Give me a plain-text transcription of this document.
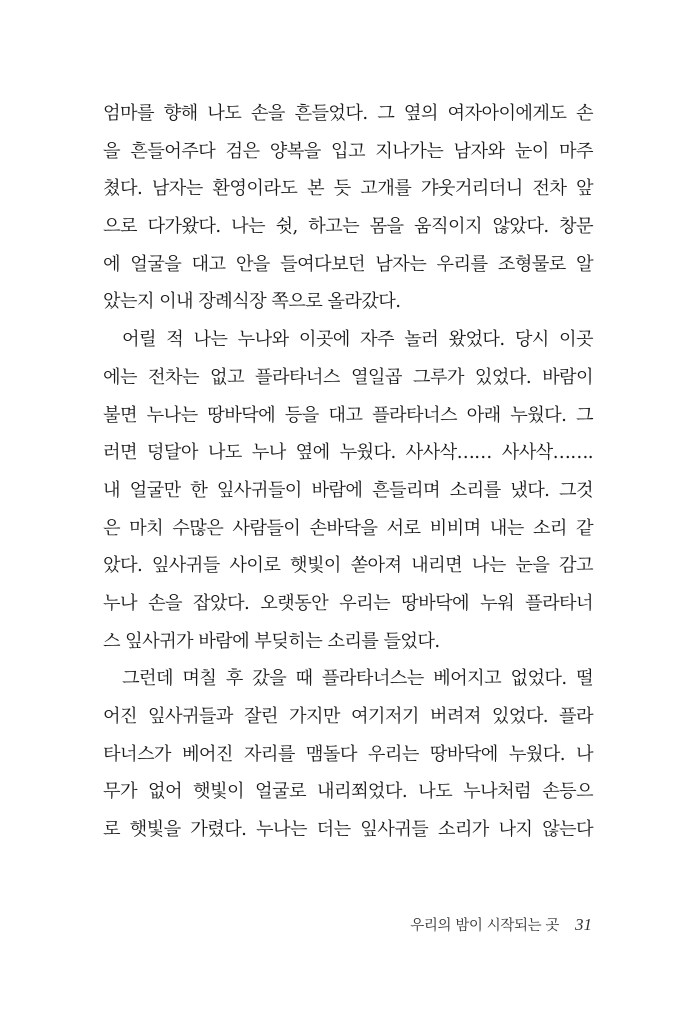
엄마를 향해 나도 손을 흔들었다. 그 옆의 여자아이에게도 손
을 흔들어주다 검은 양복을 입고 지나가는 남자와 눈이 마주
쳤다. 남자는 환영이라도 본 듯 고개를 갸웃거리더니 전차 앞
으로 다가왔다. 나는 쉿, 하고는 몸을 움직이지 않았다. 창문
에 얼굴을 대고 안을 들여다보던 남자는 우리를 조형물로 알
았는지 이내 장례식장 쪽으로 올라갔다.
어릴 적 나는 누나와 이곳에 자주 놀러 왔었다. 당시 이곳
에는 전차는 없고 플라타너스 열일곱 그루가 있었다. 바람이
불면 누나는 땅바닥에 등을 대고 플라타너스 아래 누웠다. 그
러면 덩달아 나도 누나 옆에 누웠다. 사사삭…… 사사삭…….
내 얼굴만 한 잎사귀들이 바람에 흔들리며 소리를 냈다. 그것
은 마치 수많은 사람들이 손바닥을 서로 비비며 내는 소리 같
았다. 잎사귀들 사이로 햇빛이 쏟아져 내리면 나는 눈을 감고
누나 손을 잡았다. 오랫동안 우리는 땅바닥에 누워 플라타너
스 잎사귀가 바람에 부딪히는 소리를 들었다.
그런데 며칠 후 갔을 때 플라타너스는 베어지고 없었다. 떨
어진 잎사귀들과 잘린 가지만 여기저기 버려져 있었다. 플라
타너스가 베어진 자리를 맴돌다 우리는 땅바닥에 누웠다. 나
무가 없어 햇빛이 얼굴로 내리쬐었다. 나도 누나처럼 손등으
로 햇빛을 가렸다. 누나는 더는 잎사귀들 소리가 나지 않는다
우리의 밤이 시작되는 곳 31
